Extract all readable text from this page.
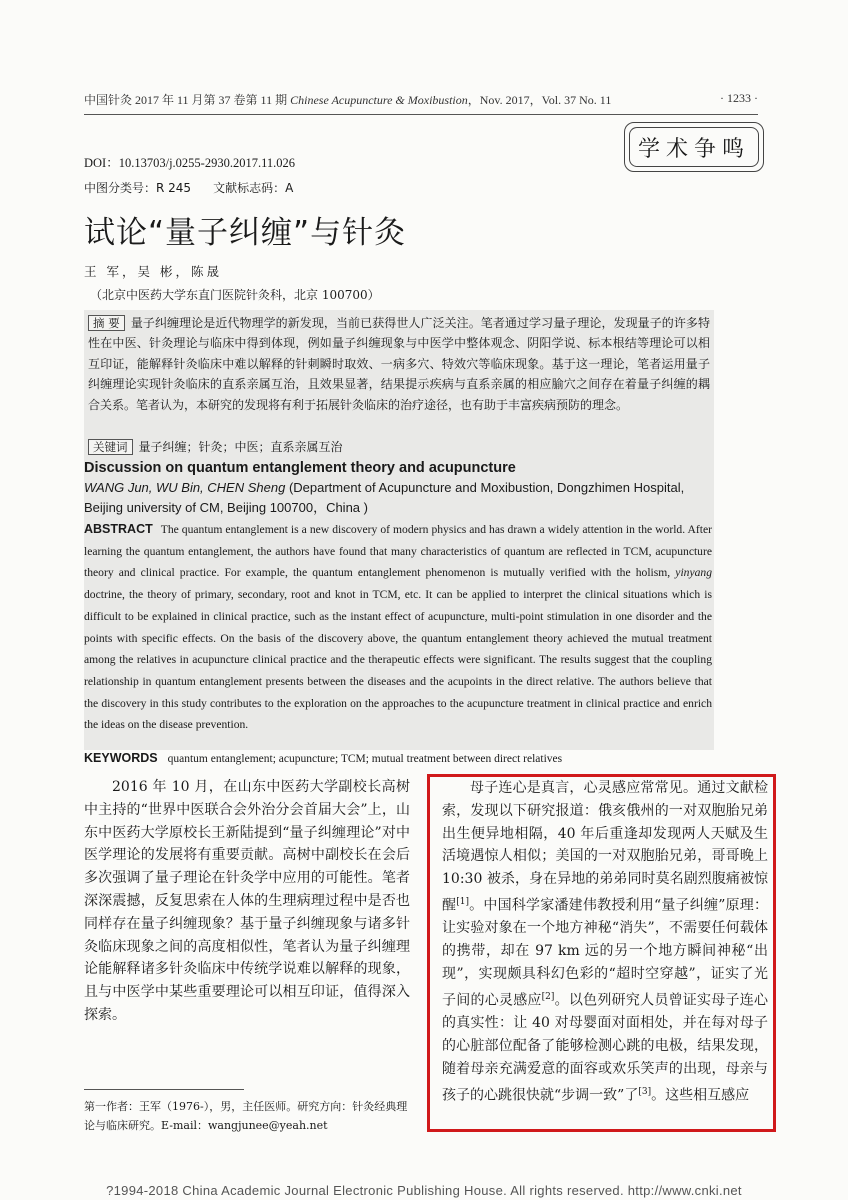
中国针灸 2017 年 11 月第 37 卷第 11 期 Chinese Acupuncture & Moxibustion，Nov. 2017，Vol. 37 No. 11	· 1233 ·
学术争鸣
DOI：10.13703/j.0255-2930.2017.11.026
中图分类号：R 245 文献标志码：A
试论“量子纠缠”与针灸
王 军，吴 彬，陈晟
（北京中医药大学东直门医院针灸科，北京 100700）
摘 要 量子纠缠理论是近代物理学的新发现，当前已获得世人广泛关注。笔者通过学习量子理论，发现量子的许多特性在中医、针灸理论与临床中得到体现，例如量子纠缠现象与中医学中整体观念、阴阳学说、标本根结等理论可以相互印证，能解释针灸临床中难以解释的针刺瞬时取效、一病多穴、特效穴等临床现象。基于这一理论，笔者运用量子纠缠理论实现针灸临床的直系亲属互治，且效果显著，结果提示疾病与直系亲属的相应腧穴之间存在着量子纠缠的耦合关系。笔者认为，本研究的发现将有利于拓展针灸临床的治疗途径，也有助于丰富疾病预防的理念。
关键词 量子纠缠；针灸；中医；直系亲属互治
Discussion on quantum entanglement theory and acupuncture
WANG Jun, WU Bin, CHEN Sheng (Department of Acupuncture and Moxibustion, Dongzhimen Hospital, Beijing university of CM, Beijing 100700，China )
ABSTRACT The quantum entanglement is a new discovery of modern physics and has drawn a widely attention in the world. After learning the quantum entanglement, the authors have found that many characteristics of quantum are reflected in TCM, acupuncture theory and clinical practice. For example, the quantum entanglement phenomenon is mutually verified with the holism, yinyang doctrine, the theory of primary, secondary, root and knot in TCM, etc. It can be applied to interpret the clinical situations which is difficult to be explained in clinical practice, such as the instant effect of acupuncture, multi-point stimulation in one disorder and the points with specific effects. On the basis of the discovery above, the quantum entanglement theory achieved the mutual treatment among the relatives in acupuncture clinical practice and the therapeutic effects were significant. The results suggest that the coupling relationship in quantum entanglement presents between the diseases and the acupoints in the direct relative. The authors believe that the discovery in this study contributes to the exploration on the approaches to the acupuncture treatment in clinical practice and enrich the ideas on the disease prevention.
KEYWORDS quantum entanglement; acupuncture; TCM; mutual treatment between direct relatives
2016 年 10 月，在山东中医药大学副校长高树中主持的“世界中医联合会外治分会首届大会”上，山东中医药大学原校长王新陆提到“量子纠缠理论”对中医学理论的发展将有重要贡献。高树中副校长在会后多次强调了量子理论在针灸学中应用的可能性。笔者深深震撼，反复思索在人体的生理病理过程中是否也同样存在量子纠缠现象？基于量子纠缠现象与诸多针灸临床现象之间的高度相似性，笔者认为量子纠缠理论能解释诸多针灸临床中传统学说难以解释的现象，且与中医学中某些重要理论可以相互印证，值得深入探索。
第一作者：王军（1976-），男，主任医师。研究方向：针灸经典理论与临床研究。E-mail：wangjunee@yeah.net
母子连心是真言，心灵感应常常见。通过文献检索，发现以下研究报道：俄亥俄州的一对双胞胎兄弟出生便异地相隔，40 年后重逢却发现两人天赋及生活境遇惊人相似；美国的一对双胞胎兄弟，哥哥晚上 10:30 被杀，身在异地的弟弟同时莫名剧烈腹痛被惊醒[1]。中国科学家潘建伟教授利用“量子纠缠”原理：让实验对象在一个地方神秘“消失”，不需要任何载体的携带，却在 97 km 远的另一个地方瞬间神秘“出现”，实现颇具科幻色彩的“超时空穿越”，证实了光子间的心灵感应[2]。以色列研究人员曾证实母子连心的真实性：让 40 对母婴面对面相处，并在每对母子的心脏部位配备了能够检测心跳的电极，结果发现，随着母亲充满爱意的面容或欢乐笑声的出现，母亲与孩子的心跳很快就“步调一致”了[3]。这些相互感应
?1994-2018 China Academic Journal Electronic Publishing House. All rights reserved. http://www.cnki.net
